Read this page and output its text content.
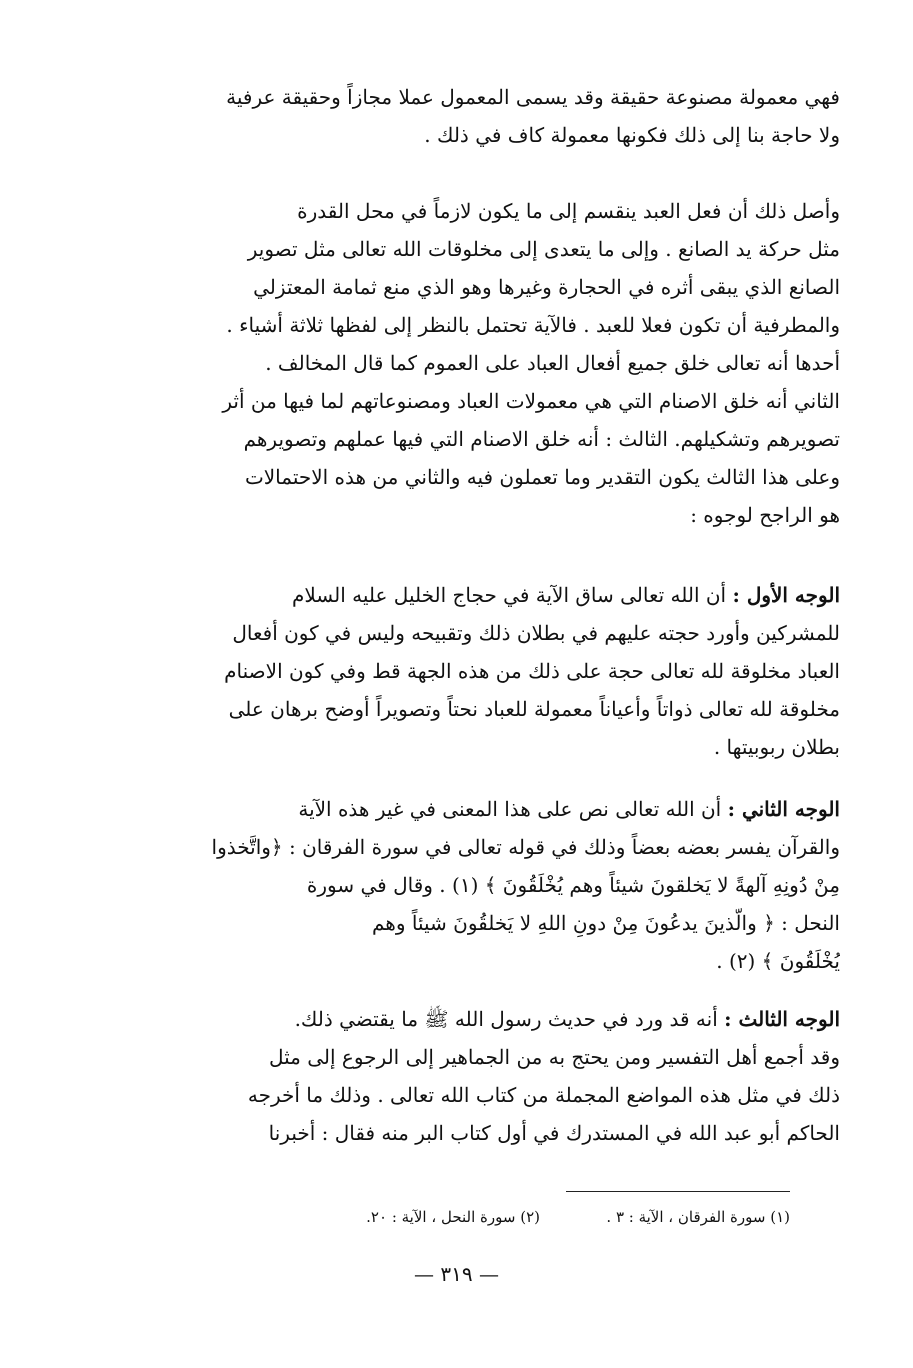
فهي معمولة مصنوعة حقيقة وقد يسمى المعمول عملا مجازاً وحقيقة عرفية
ولا حاجة بنا إلى ذلك فكونها معمولة كاف في ذلك .
وأصل ذلك أن فعل العبد ينقسم إلى ما يكون لازماً في محل القدرة
مثل حركة يد الصانع . وإلى ما يتعدى إلى مخلوقات الله تعالى مثل تصوير
الصانع الذي يبقى أثره في الحجارة وغيرها وهو الذي منع ثمامة المعتزلي
والمطرفية أن تكون فعلا للعبد . فالآية تحتمل بالنظر إلى لفظها ثلاثة أشياء .
أحدها أنه تعالى خلق جميع أفعال العباد على العموم كما قال المخالف .
الثاني أنه خلق الاصنام التي هي معمولات العباد ومصنوعاتهم لما فيها من أثر
تصويرهم وتشكيلهم. الثالث : أنه خلق الاصنام التي فيها عملهم وتصويرهم
وعلى هذا الثالث يكون التقدير وما تعملون فيه والثاني من هذه الاحتمالات
هو الراجح لوجوه :
الوجه الأول : أن الله تعالى ساق الآية في حجاج الخليل عليه السلام
للمشركين وأورد حجته عليهم في بطلان ذلك وتقبيحه وليس في كون أفعال
العباد مخلوقة لله تعالى حجة على ذلك من هذه الجهة قط وفي كون الاصنام
مخلوقة لله تعالى ذواتاً وأعياناً معمولة للعباد نحتاً وتصويراً أوضح برهان على
بطلان ربوبيتها .
الوجه الثاني : أن الله تعالى نص على هذا المعنى في غير هذه الآية
والقرآن يفسر بعضه بعضاً وذلك في قوله تعالى في سورة الفرقان : ﴿واتَّخذوا
مِنْ دُونِهِ آلهةً لا يَخلقونَ شيئاً وهم يُخْلَقُونَ ﴾ (١) . وقال في سورة
النحل : ﴿ والّذينَ يدعُونَ مِنْ دونِ اللهِ لا يَخلقُونَ شيئاً وهم
يُخْلَقُونَ ﴾ (٢) .
الوجه الثالث : أنه قد ورد في حديث رسول الله ﷺ ما يقتضي ذلك.
وقد أجمع أهل التفسير ومن يحتج به من الجماهير إلى الرجوع إلى مثل
ذلك في مثل هذه المواضع المجملة من كتاب الله تعالى . وذلك ما أخرجه
الحاكم أبو عبد الله في المستدرك في أول كتاب البر منه فقال : أخبرنا
(١) سورة الفرقان ، الآية : ٣ .
(٢) سورة النحل ، الآية : ٢٠.
— ٣١٩ —
